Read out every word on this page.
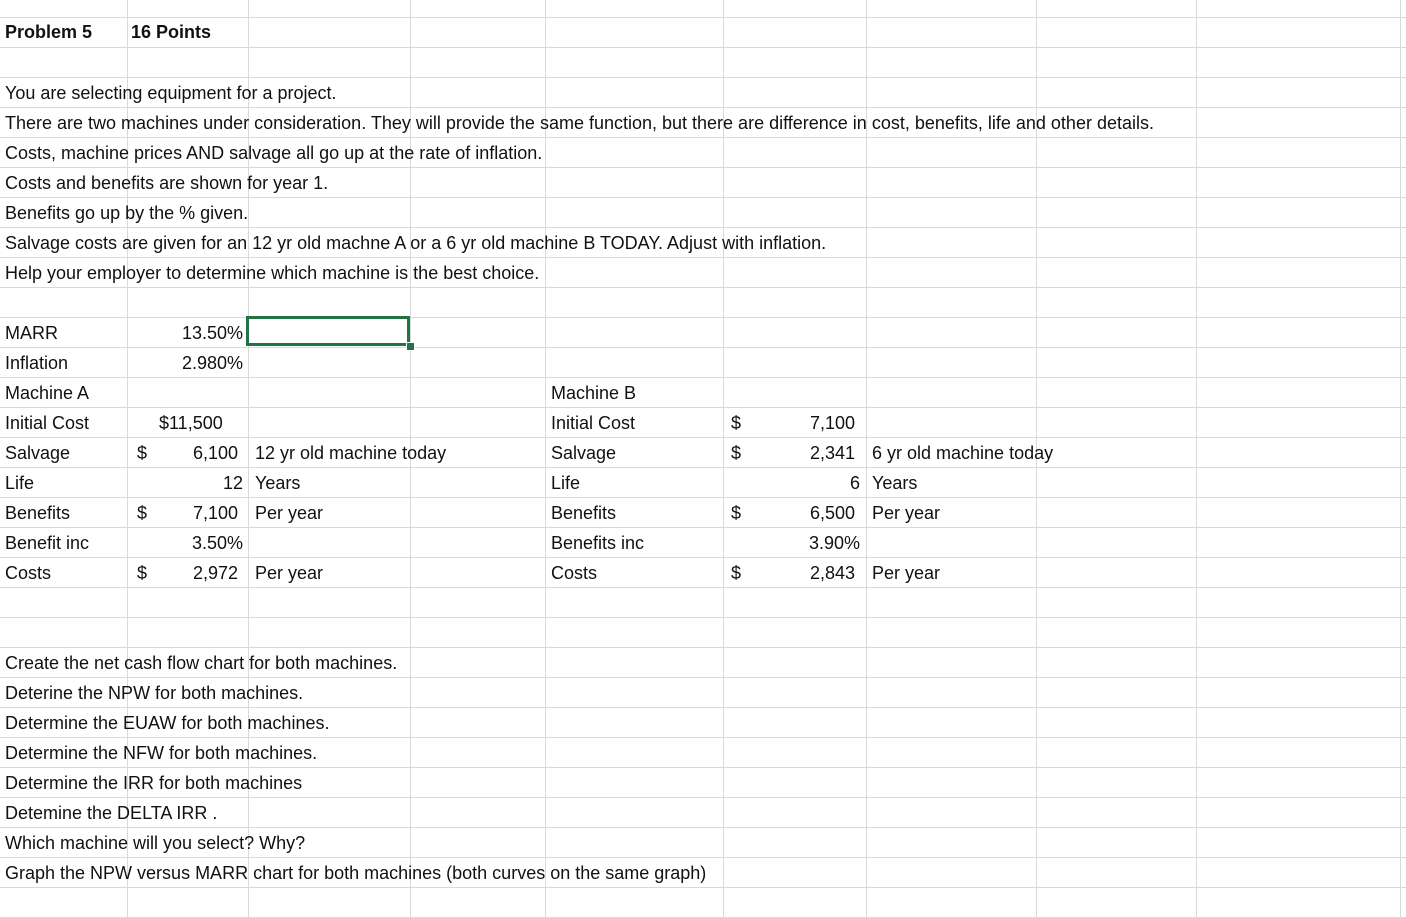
Problem 5 16 Points
You are selecting equipment for a project.
There are two machines under consideration. They will provide the same function, but there are difference in cost, benefits, life and other details.
Costs, machine prices AND salvage all go up at the rate of inflation.
Costs and benefits are shown for year 1.
Benefits go up by the % given.
Salvage costs are given for an 12 yr old machne A or a 6 yr old machine B TODAY. Adjust with inflation.
Help your employer to determine which machine is the best choice.
MARR	13.50%
Inflation	2.980%
Machine A
Initial Cost	$11,500
Salvage	$	6,100 12 yr old machine today
Life	12 Years
Benefits	$	7,100 Per year
Benefit inc	3.50%
Costs	$	2,972 Per year
Machine B
Initial Cost	$	7,100
Salvage	$	2,341 6 yr old machine today
Life	6 Years
Benefits	$	6,500 Per year
Benefits inc	3.90%
Costs	$	2,843 Per year
Create the net cash flow chart for both machines.
Deterine the NPW for both machines.
Determine the EUAW for both machines.
Determine the NFW for both machines.
Determine the IRR for both machines
Detemine the DELTA IRR .
Which machine will you select? Why?
Graph the NPW versus MARR chart for both machines (both curves on the same graph)
